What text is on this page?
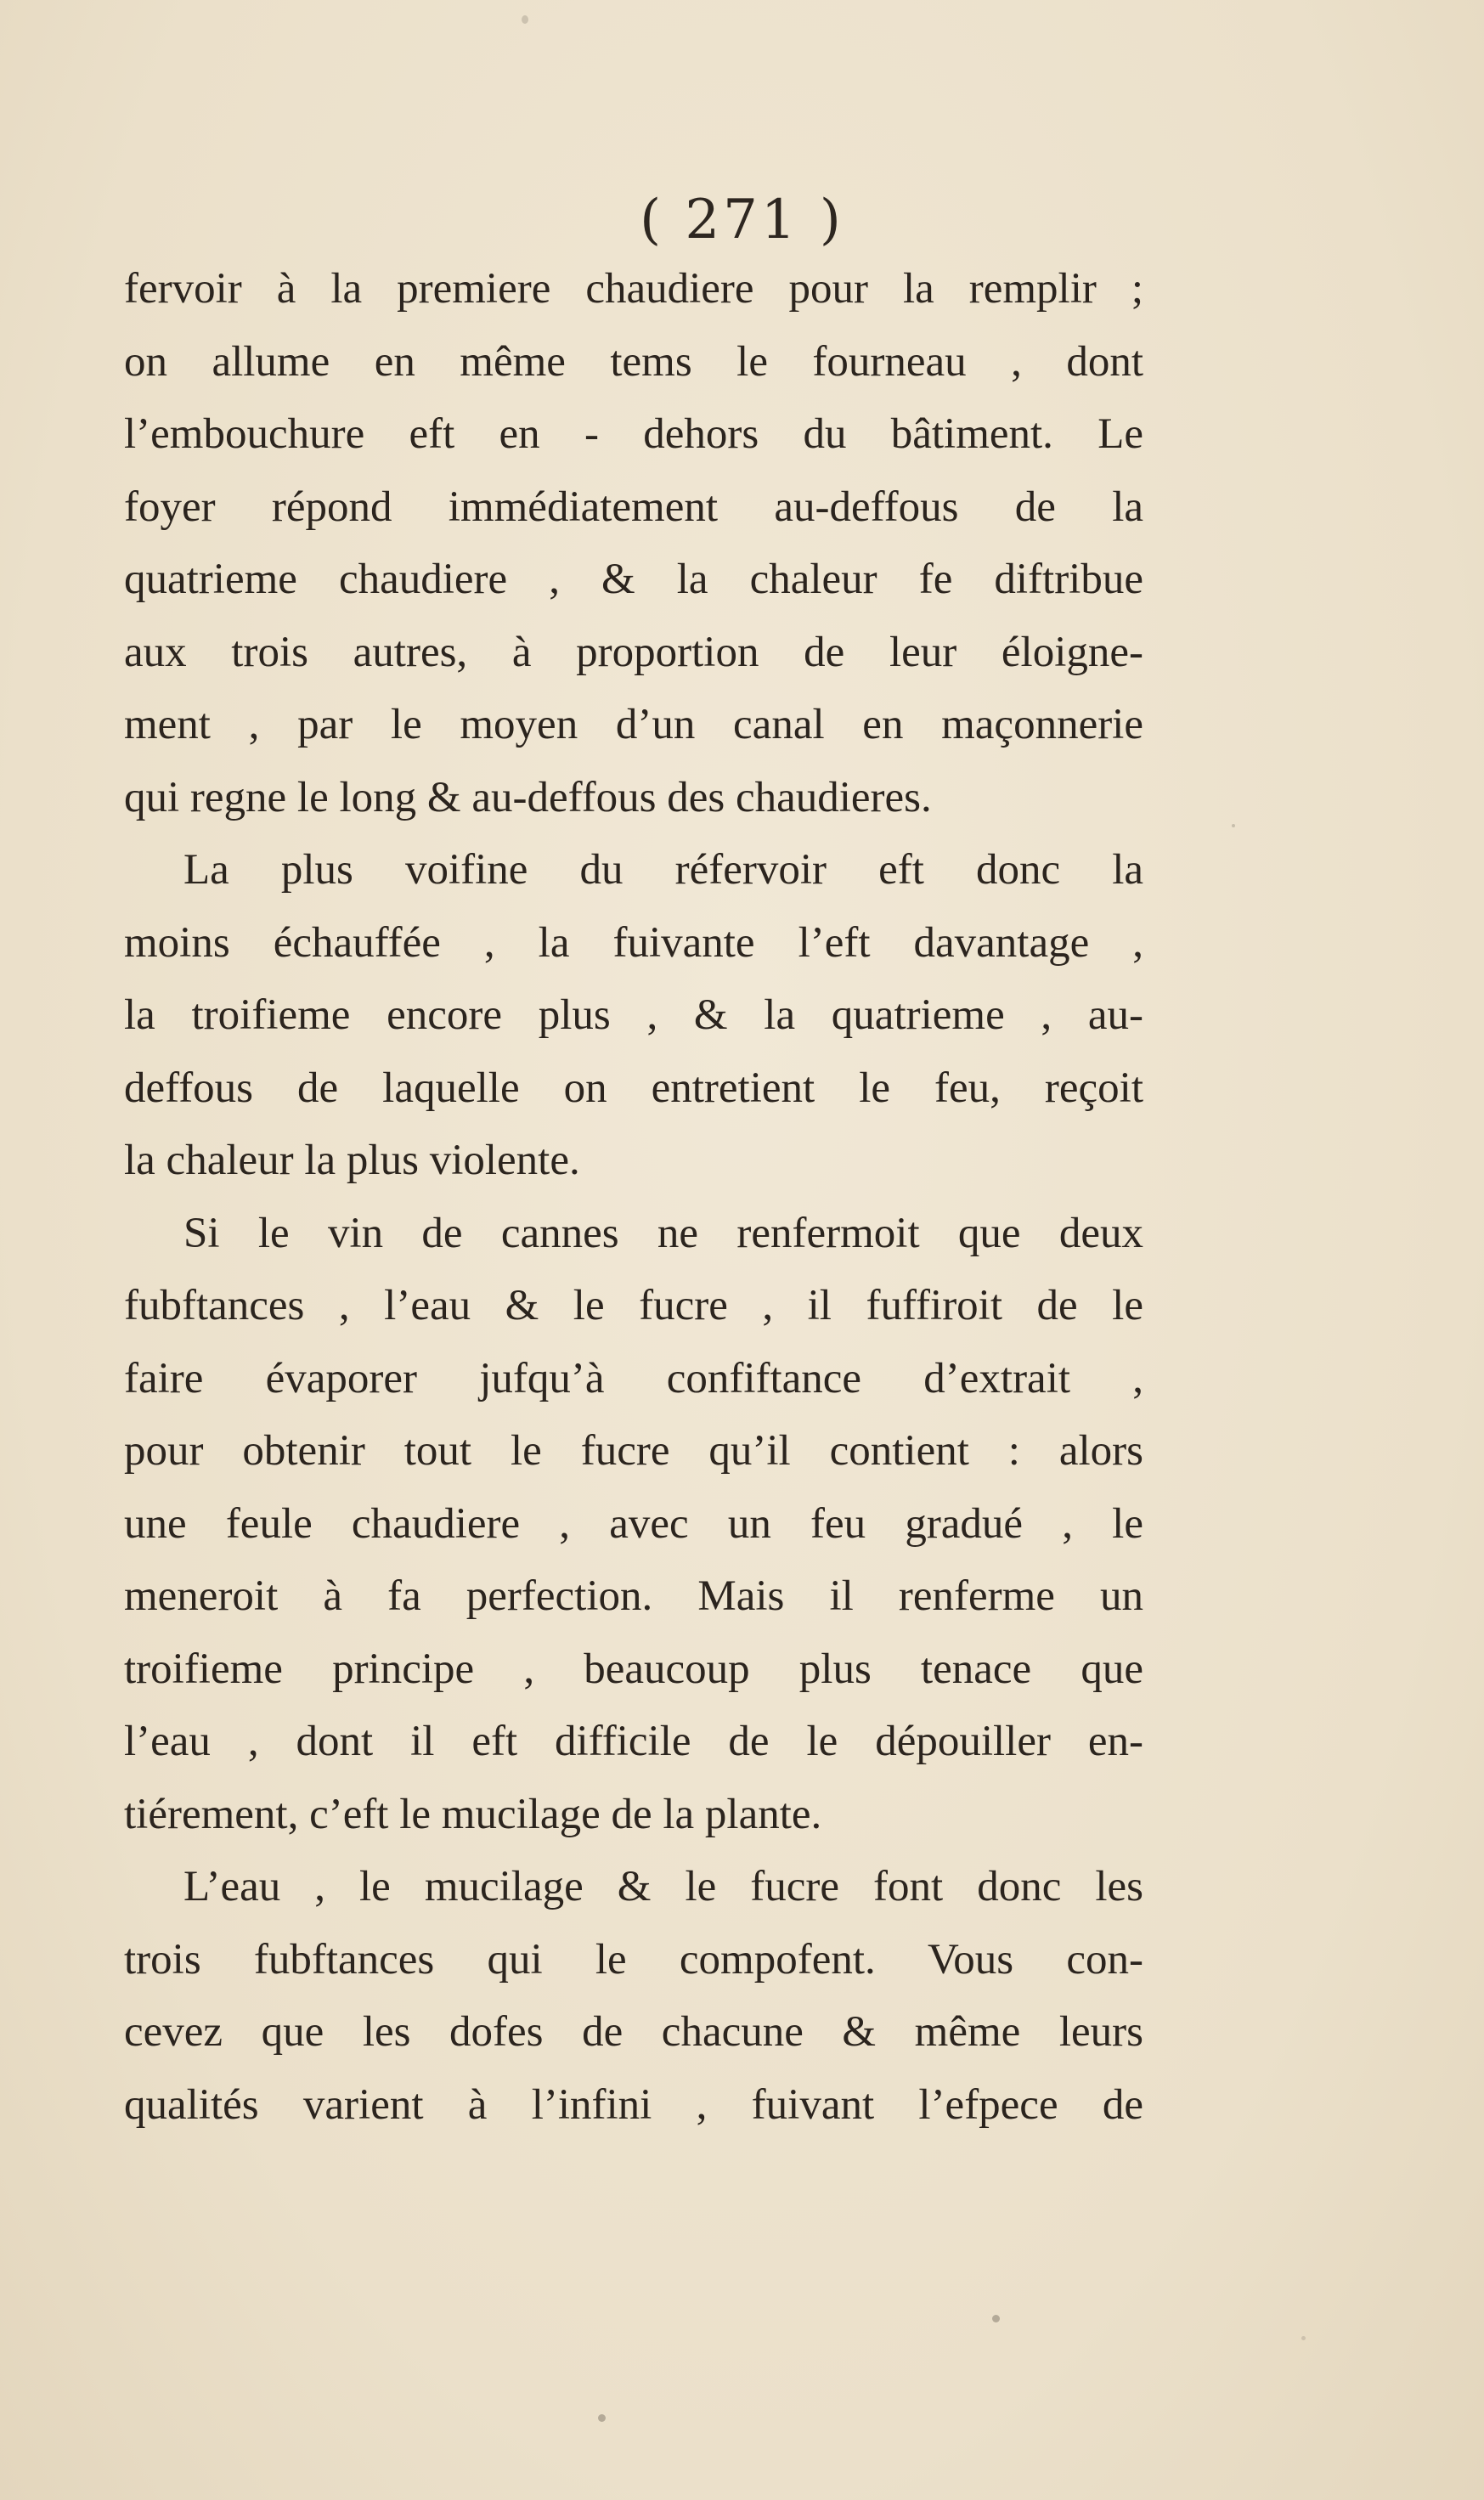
( 271 )
fervoir à la premiere chaudiere pour la remplir ;
on allume en même tems le fourneau , dont
l’embouchure eft en - dehors du bâtiment. Le
foyer répond immédiatement au-deffous de la
quatrieme chaudiere , & la chaleur fe diftribue
aux trois autres, à proportion de leur éloigne-
ment , par le moyen d’un canal en maçonnerie
qui regne le long & au-deffous des chaudieres.
La plus voifine du réfervoir eft donc la
moins échauffée , la fuivante l’eft davantage ,
la troifieme encore plus , & la quatrieme , au-
deffous de laquelle on entretient le feu, reçoit
la chaleur la plus violente.
Si le vin de cannes ne renfermoit que deux
fubftances , l’eau & le fucre , il fuffiroit de le
faire évaporer jufqu’à confiftance d’extrait ,
pour obtenir tout le fucre qu’il contient : alors
une feule chaudiere , avec un feu gradué , le
meneroit à fa perfection. Mais il renferme un
troifieme principe , beaucoup plus tenace que
l’eau , dont il eft difficile de le dépouiller en-
tiérement, c’eft le mucilage de la plante.
L’eau , le mucilage & le fucre font donc les
trois fubftances qui le compofent. Vous con-
cevez que les dofes de chacune & même leurs
qualités varient à l’infini , fuivant l’efpece de
